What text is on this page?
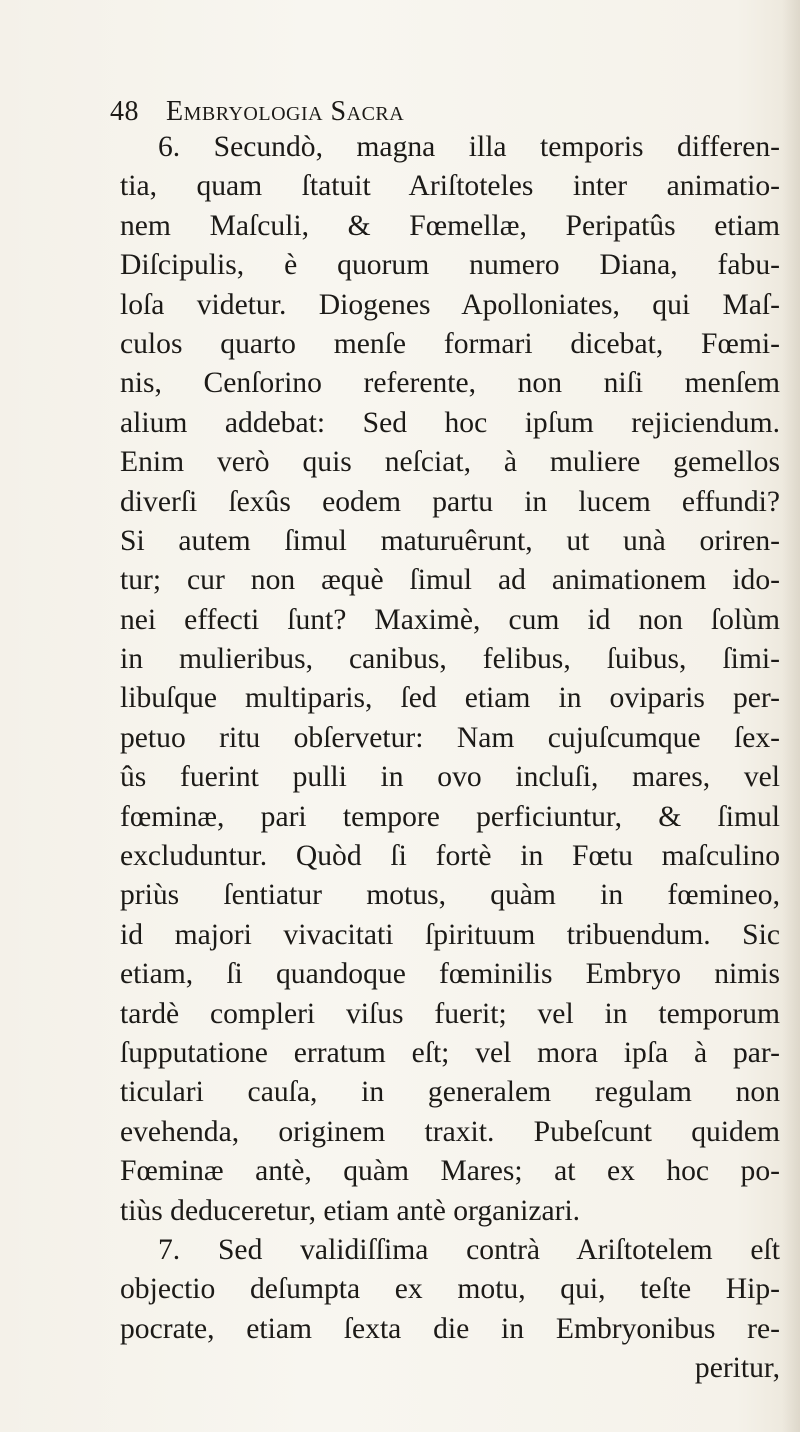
48 Embryologia Sacra
6. Secundò, magna illa temporis differen-
tia, quam ſtatuit Ariſtoteles inter animatio-
nem Maſculi, & Fœmellæ, Peripatûs etiam
Diſcipulis, è quorum numero Diana, fabu-
loſa videtur. Diogenes Apolloniates, qui Maſ-
culos quarto menſe formari dicebat, Fœmi-
nis, Cenſorino referente, non niſi menſem
alium addebat: Sed hoc ipſum rejiciendum.
Enim verò quis neſciat, à muliere gemellos
diverſi ſexûs eodem partu in lucem effundi?
Si autem ſimul maturuêrunt, ut unà oriren-
tur; cur non æquè ſimul ad animationem ido-
nei effecti ſunt? Maximè, cum id non ſolùm
in mulieribus, canibus, felibus, ſuibus, ſimi-
libuſque multiparis, ſed etiam in oviparis per-
petuo ritu obſervetur: Nam cujuſcumque ſex-
ûs fuerint pulli in ovo incluſi, mares, vel
fœminæ, pari tempore perficiuntur, & ſimul
excluduntur. Quòd ſi fortè in Fœtu maſculino
priùs ſentiatur motus, quàm in fœmineo,
id majori vivacitati ſpirituum tribuendum. Sic
etiam, ſi quandoque fœminilis Embryo nimis
tardè compleri viſus fuerit; vel in temporum
ſupputatione erratum eſt; vel mora ipſa à par-
ticulari cauſa, in generalem regulam non
evehenda, originem traxit. Pubeſcunt quidem
Fœminæ antè, quàm Mares; at ex hoc po-
tiùs deduceretur, etiam antè organizari.
7. Sed validiſſima contrà Ariſtotelem eſt
objectio deſumpta ex motu, qui, teſte Hip-
pocrate, etiam ſexta die in Embryonibus re-
peritur,
